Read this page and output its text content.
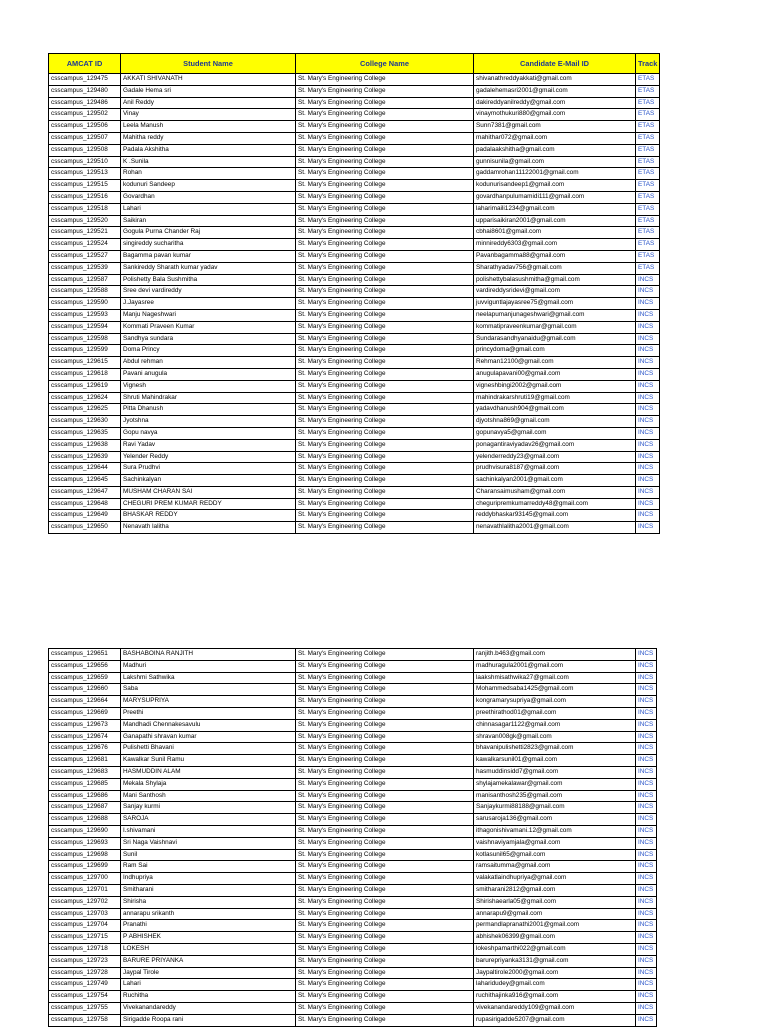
AMCAT ID	Student Name	College Name	Candidate E-Mail ID	Track
csscampus_129475	AKKATI SHIVANATH	St. Mary's Engineering College	shivanathreddyakkati@gmail.com	ETAS
csscampus_129480	Gadale Hema sri	St. Mary's Engineering College	gadalehemasri2001@gmail.com	ETAS
csscampus_129486	Anil Reddy	St. Mary's Engineering College	dakireddyanilreddy@gmail.com	ETAS
csscampus_129502	Vinay	St. Mary's Engineering College	vinaymothukuri880@gmail.com	ETAS
csscampus_129506	Leela Manush	St. Mary's Engineering College	Sunn7381@gmail.com	ETAS
csscampus_129507	Mahitha reddy	St. Mary's Engineering College	mahithar072@gmail.com	ETAS
csscampus_129508	Padala Akshitha	St. Mary's Engineering College	padalaakshitha@gmail.com	ETAS
csscampus_129510	K .Sunila	St. Mary's Engineering College	gunnisunila@gmail.com	ETAS
csscampus_129513	Rohan	St. Mary's Engineering College	gaddamrohan11122001@gmail.com	ETAS
csscampus_129515	kodunuri Sandeep	St. Mary's Engineering College	kodunurisandeep1@gmail.com	ETAS
csscampus_129516	Govardhan	St. Mary's Engineering College	govardhanpulumamidi111@gmail.com	ETAS
csscampus_129518	Lahari	St. Mary's Engineering College	laharimaili1234@gmail.com	ETAS
csscampus_129520	Saikiran	St. Mary's Engineering College	upparisaikiran2001@gmail.com	ETAS
csscampus_129521	Gogula Purna Chander Raj	St. Mary's Engineering College	cbhai8601@gmail.com	ETAS
csscampus_129524	singireddy sucharitha	St. Mary's Engineering College	minnireddy6303@gmail.com	ETAS
csscampus_129527	Bagamma pavan kumar	St. Mary's Engineering College	Pavanbagamma88@gmail.com	ETAS
csscampus_129539	Sankireddy Sharath kumar yadav	St. Mary's Engineering College	Sharathyadav756@gmail.com	ETAS
csscampus_129587	Polishetty Bala Sushmitha	St. Mary's Engineering College	polishettybalasushmitha@gmail.com	INCS
csscampus_129588	Sree devi vardireddy	St. Mary's Engineering College	vardireddysridevi@gmail.com	INCS
csscampus_129590	J.Jayasree	St. Mary's Engineering College	juvviguntlajayasree75@gmail.com	INCS
csscampus_129593	Manju Nageshwari	St. Mary's Engineering College	neelapumanjunageshwari@gmail.com	INCS
csscampus_129594	Kommati Praveen Kumar	St. Mary's Engineering College	kommatipraveenkumar@gmail.com	INCS
csscampus_129598	Sandhya sundara	St. Mary's Engineering College	Sundarasandhyanaidu@gmail.com	INCS
csscampus_129599	Doma Princy	St. Mary's Engineering College	princydoma@gmail.com	INCS
csscampus_129615	Abdul rehman	St. Mary's Engineering College	Rehman12100@gmail.com	INCS
csscampus_129618	Pavani anugula	St. Mary's Engineering College	anugulapavani00@gmail.com	INCS
csscampus_129619	Vignesh	St. Mary's Engineering College	vigneshbingi2002@gmail.com	INCS
csscampus_129624	Shruti Mahindrakar	St. Mary's Engineering College	mahindrakarshruti19@gmail.com	INCS
csscampus_129625	Pitta Dhanush	St. Mary's Engineering College	yadavdhanush904@gmail.com	INCS
csscampus_129630	Jyotshna	St. Mary's Engineering College	djyotshna869@gmail.com	INCS
csscampus_129635	Gopu navya	St. Mary's Engineering College	gopunavya5@gmail.com	INCS
csscampus_129638	Ravi Yadav	St. Mary's Engineering College	ponagantiraviyadav26@gmail.com	INCS
csscampus_129639	Yelender Reddy	St. Mary's Engineering College	yelenderreddy23@gmail.com	INCS
csscampus_129644	Sura Prudhvi	St. Mary's Engineering College	prudhvisura8187@gmail.com	INCS
csscampus_129645	Sachinkalyan	St. Mary's Engineering College	sachinkalyan2001@gmail.com	INCS
csscampus_129647	MUSHAM CHARAN SAI	St. Mary's Engineering College	Charansaimusham@gmail.com	INCS
csscampus_129648	CHEGURI PREM KUMAR REDDY	St. Mary's Engineering College	cheguripremkumarreddy48@gmail.com	INCS
csscampus_129649	BHASKAR REDDY	St. Mary's Engineering College	reddybhaskar93145@gmail.com	INCS
csscampus_129650	Nenavath lalitha	St. Mary's Engineering College	nenavathlalitha2001@gmail.com	INCS
csscampus_129651	BASHABOINA RANJITH	St. Mary's Engineering College	ranjith.b463@gmail.com	INCS
csscampus_129656	Madhuri	St. Mary's Engineering College	madhuragula2001@gmail.com	INCS
csscampus_129659	Lakshmi Sathwika	St. Mary's Engineering College	laakshmisathwika27@gmail.com	INCS
csscampus_129660	Saba	St. Mary's Engineering College	Mohammedsaba1425@gmail.com	INCS
csscampus_129664	MARYSUPRIYA	St. Mary's Engineering College	kongramarysupriya@gmail.com	INCS
csscampus_129669	Preethi	St. Mary's Engineering College	preethirathod01@gmail.com	INCS
csscampus_129673	Mandhadi Chennakesavulu	St. Mary's Engineering College	chinnasagar1122@gmail.com	INCS
csscampus_129674	Ganapathi shravan kumar	St. Mary's Engineering College	shravan008gk@gmail.com	INCS
csscampus_129676	Pulishetti Bhavani	St. Mary's Engineering College	bhavanipulishetti2823@gmail.com	INCS
csscampus_129681	Kawalkar Sunil Ramu	St. Mary's Engineering College	kawalkarsunil01@gmail.com	INCS
csscampus_129683	HASMUDDIN ALAM	St. Mary's Engineering College	hasmuddinsidd7@gmail.com	INCS
csscampus_129685	Mekala Shylaja	St. Mary's Engineering College	shylajamekalawar@gmail.com	INCS
csscampus_129686	Mani Santhosh	St. Mary's Engineering College	manisanthosh235@gmail.com	INCS
csscampus_129687	Sanjay kurmi	St. Mary's Engineering College	Sanjaykurmi88188@gmail.com	INCS
csscampus_129688	SAROJA	St. Mary's Engineering College	sarusaroja136@gmail.com	INCS
csscampus_129690	I.shivamani	St. Mary's Engineering College	ithagonishivamani.12@gmail.com	INCS
csscampus_129693	Sri Naga Vaishnavi	St. Mary's Engineering College	vaishnaviyamjala@gmail.com	INCS
csscampus_129698	Sunil	St. Mary's Engineering College	kotlasunil65@gmail.com	INCS
csscampus_129699	Ram Sai	St. Mary's Engineering College	ramsaitumma@gmail.com	INCS
csscampus_129700	Indhupriya	St. Mary's Engineering College	valakatlaindhupriya@gmail.com	INCS
csscampus_129701	Smitharani	St. Mary's Engineering College	smitharani2812@gmail.com	INCS
csscampus_129702	Shirisha	St. Mary's Engineering College	Shirishaearla05@gmail.com	INCS
csscampus_129703	annarapu srikanth	St. Mary's Engineering College	annarapu9@gmail.com	INCS
csscampus_129704	Pranathi	St. Mary's Engineering College	permandlapranathi2001@gmail.com	INCS
csscampus_129715	P ABHISHEK	St. Mary's Engineering College	abhishek06399@gmail.com	INCS
csscampus_129718	LOKESH	St. Mary's Engineering College	lokeshpamarthi022@gmail.com	INCS
csscampus_129723	BARURE PRIYANKA	St. Mary's Engineering College	barurepriyanka3131@gmail.com	INCS
csscampus_129728	Jaypal Tirole	St. Mary's Engineering College	Jaypaltirole2000@gmail.com	INCS
csscampus_129749	Lahari	St. Mary's Engineering College	laharidudey@gmail.com	INCS
csscampus_129754	Ruchitha	St. Mary's Engineering College	ruchithajinka916@gmail.com	INCS
csscampus_129755	Vivekanandareddy	St. Mary's Engineering College	vivekanandareddy109@gmail.com	INCS
csscampus_129758	Sirigadde Roopa rani	St. Mary's Engineering College	rupasirigadde5207@gmail.com	INCS
